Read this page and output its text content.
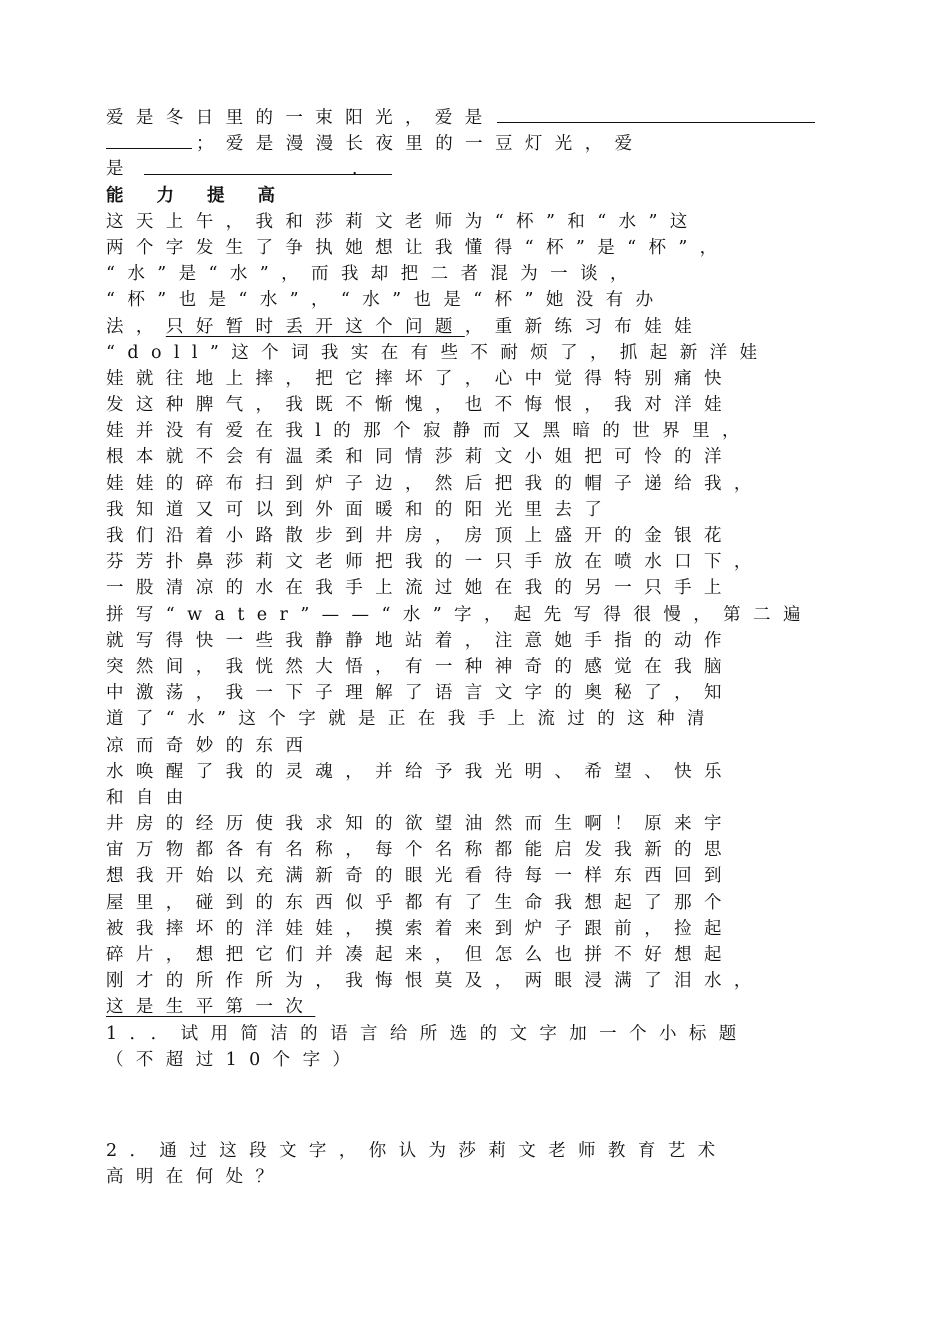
爱是冬日里的一束阳光，爱是
；爱是漫漫长夜里的一豆灯光，爱
是	.
能力提高
这天上午，我和莎莉文老师为“杯”和“水”这
两个字发生了争执她想让我懂得“杯”是“杯”，
“水”是“水”，而我却把二者混为一谈，
“杯”也是“水”，“水”也是“杯”她没有办
法，只好暂时丢开这个问题，重新练习布娃娃
“doll”这个词我实在有些不耐烦了，抓起新洋娃
娃就往地上摔，把它摔坏了，心中觉得特别痛快
发这种脾气，我既不惭愧，也不悔恨，我对洋娃
娃并没有爱在我l的那个寂静而又黑暗的世界里，
根本就不会有温柔和同情莎莉文小姐把可怜的洋
娃娃的碎布扫到炉子边，然后把我的帽子递给我，
我知道又可以到外面暖和的阳光里去了
我们沿着小路散步到井房，房顶上盛开的金银花
芬芳扑鼻莎莉文老师把我的一只手放在喷水口下，
一股清凉的水在我手上流过她在我的另一只手上
拼写“water”——“水”字，起先写得很慢，第二遍
就写得快一些我静静地站着，注意她手指的动作
突然间，我恍然大悟，有一种神奇的感觉在我脑
中激荡，我一下子理解了语言文字的奥秘了，知
道了“水”这个字就是正在我手上流过的这种清
凉而奇妙的东西
水唤醒了我的灵魂，并给予我光明、希望、快乐
和自由
井房的经历使我求知的欲望油然而生啊！原来宇
宙万物都各有名称，每个名称都能启发我新的思
想我开始以充满新奇的眼光看待每一样东西回到
屋里，碰到的东西似乎都有了生命我想起了那个
被我摔坏的洋娃娃，摸索着来到炉子跟前，捡起
碎片，想把它们并凑起来，但怎么也拼不好想起
刚才的所作所为，我悔恨莫及，两眼浸满了泪水，
这是生平第一次
1．．试用简洁的语言给所选的文字加一个小标题
（不超过10个字）
2．通过这段文字，你认为莎莉文老师教育艺术
高明在何处？
